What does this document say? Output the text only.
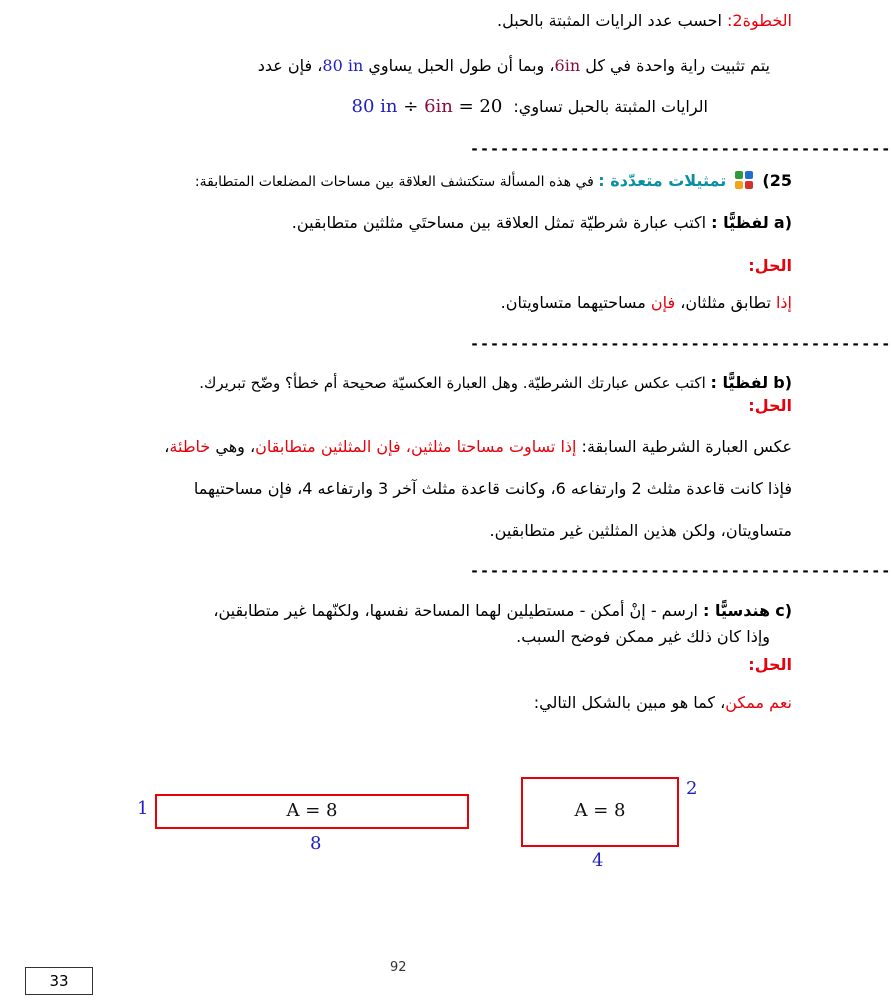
الخطوة2: احسب عدد الرايات المثبتة بالحبل.
يتم تثبيت راية واحدة في كل 6in، وبما أن طول الحبل يساوي 80 in، فإن عدد
الرايات المثبتة بالحبل تساوي: 80 in ÷ 6in = 20
------------------------------------------
25)
تمثيلات متعدّدة : في هذه المسألة ستكتشف العلاقة بين مساحات المضلعات المتطابقة:
a) لفظيًّا : اكتب عبارة شرطيّة تمثل العلاقة بين مساحتَي مثلثين متطابقين.
الحل:
إذا تطابق مثلثان، فإن مساحتيهما متساويتان.
------------------------------------------
b) لفظيًّا : اكتب عكس عبارتك الشرطيّة. وهل العبارة العكسيّة صحيحة أم خطأ؟ وضّح تبريرك.
الحل:
عكس العبارة الشرطية السابقة: إذا تساوت مساحتا مثلثين، فإن المثلثين متطابقان، وهي خاطئة،
فإذا كانت قاعدة مثلث 2 وارتفاعه 6، وكانت قاعدة مثلث آخر 3 وارتفاعه 4، فإن مساحتيهما
متساويتان، ولكن هذين المثلثين غير متطابقين.
------------------------------------------
c) هندسيًّا : ارسم - إنْ أمكن - مستطيلين لهما المساحة نفسها، ولكنّهما غير متطابقين،
وإذا كان ذلك غير ممكن فوضح السبب.
الحل:
نعم ممكن، كما هو مبين بالشكل التالي:
1	A = 8
8
A = 8
2
4
92
33
